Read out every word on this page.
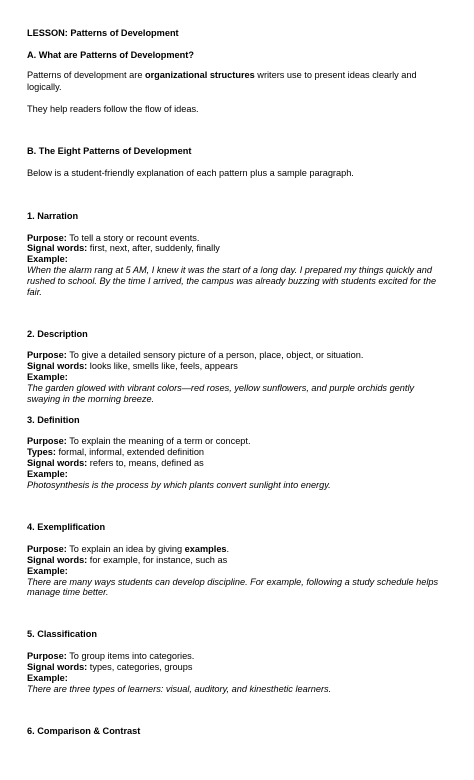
LESSON: Patterns of Development
A. What are Patterns of Development?
Patterns of development are organizational structures writers use to present ideas clearly and
logically.
They help readers follow the flow of ideas.
B. The Eight Patterns of Development
Below is a student-friendly explanation of each pattern plus a sample paragraph.
1. Narration
Purpose: To tell a story or recount events.
Signal words: first, next, after, suddenly, finally
Example:
When the alarm rang at 5 AM, I knew it was the start of a long day. I prepared my things quickly and
rushed to school. By the time I arrived, the campus was already buzzing with students excited for the
fair.
2. Description
Purpose: To give a detailed sensory picture of a person, place, object, or situation.
Signal words: looks like, smells like, feels, appears
Example:
The garden glowed with vibrant colors—red roses, yellow sunflowers, and purple orchids gently
swaying in the morning breeze.
3. Definition
Purpose: To explain the meaning of a term or concept.
Types: formal, informal, extended definition
Signal words: refers to, means, defined as
Example:
Photosynthesis is the process by which plants convert sunlight into energy.
4. Exemplification
Purpose: To explain an idea by giving examples.
Signal words: for example, for instance, such as
Example:
There are many ways students can develop discipline. For example, following a study schedule helps
manage time better.
5. Classification
Purpose: To group items into categories.
Signal words: types, categories, groups
Example:
There are three types of learners: visual, auditory, and kinesthetic learners.
6. Comparison & Contrast
